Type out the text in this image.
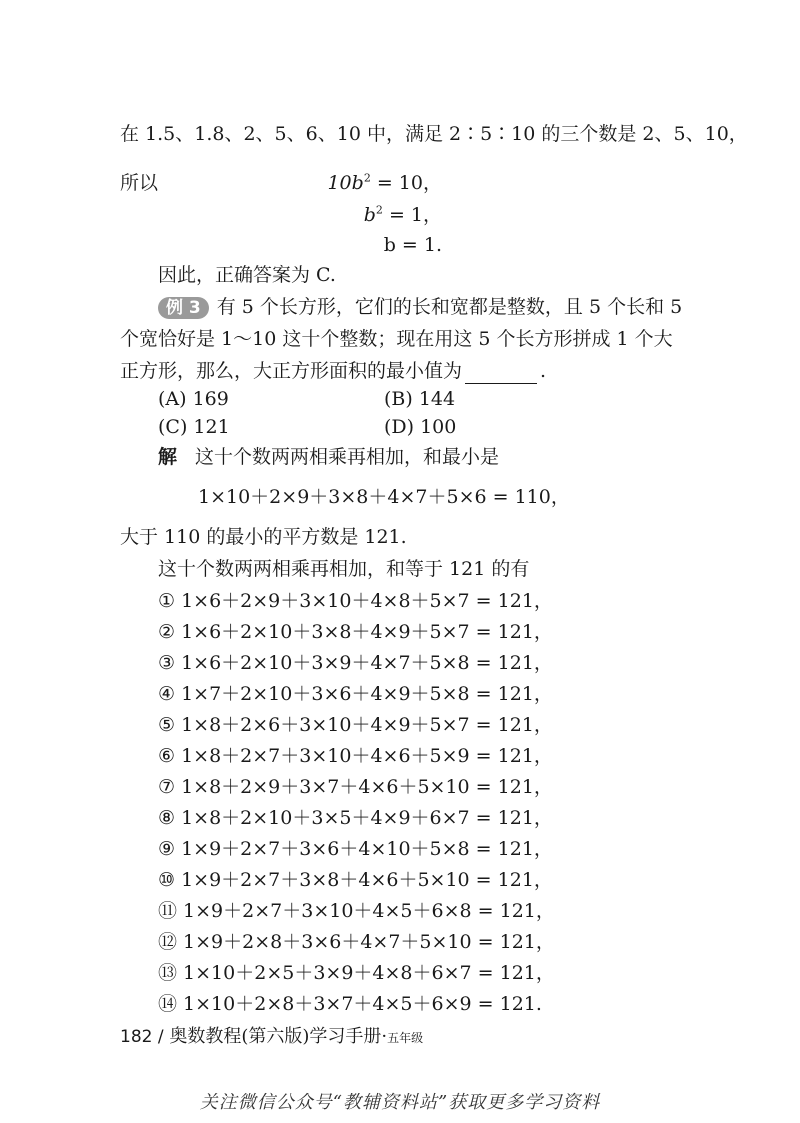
在 1.5、1.8、2、5、6、10 中，满足 2∶5∶10 的三个数是 2、5、10，
所以	$10b^2 = 10$，
$b^2 = 1$，
b = 1.
因此，正确答案为 C.
例 3 有 5 个长方形，它们的长和宽都是整数，且 5 个长和 5
个宽恰好是 1～10 这十个整数；现在用这 5 个长方形拼成 1 个大
正方形，那么，大正方形面积的最小值为	.
(A) 169	(B) 144
(C) 121	(D) 100
解 这十个数两两相乘再相加，和最小是
1×10＋2×9＋3×8＋4×7＋5×6 = 110，
大于 110 的最小的平方数是 121.
这十个数两两相乘再相加，和等于 121 的有
① 1×6＋2×9＋3×10＋4×8＋5×7 = 121，
② 1×6＋2×10＋3×8＋4×9＋5×7 = 121，
③ 1×6＋2×10＋3×9＋4×7＋5×8 = 121，
④ 1×7＋2×10＋3×6＋4×9＋5×8 = 121，
⑤ 1×8＋2×6＋3×10＋4×9＋5×7 = 121，
⑥ 1×8＋2×7＋3×10＋4×6＋5×9 = 121，
⑦ 1×8＋2×9＋3×7＋4×6＋5×10 = 121，
⑧ 1×8＋2×10＋3×5＋4×9＋6×7 = 121，
⑨ 1×9＋2×7＋3×6＋4×10＋5×8 = 121，
⑩ 1×9＋2×7＋3×8＋4×6＋5×10 = 121，
⑪ 1×9＋2×7＋3×10＋4×5＋6×8 = 121，
⑫ 1×9＋2×8＋3×6＋4×7＋5×10 = 121，
⑬ 1×10＋2×5＋3×9＋4×8＋6×7 = 121，
⑭ 1×10＋2×8＋3×7＋4×5＋6×9 = 121.
182 / 奥数教程(第六版)学习手册·五年级
关注微信公众号“教辅资料站”获取更多学习资料
